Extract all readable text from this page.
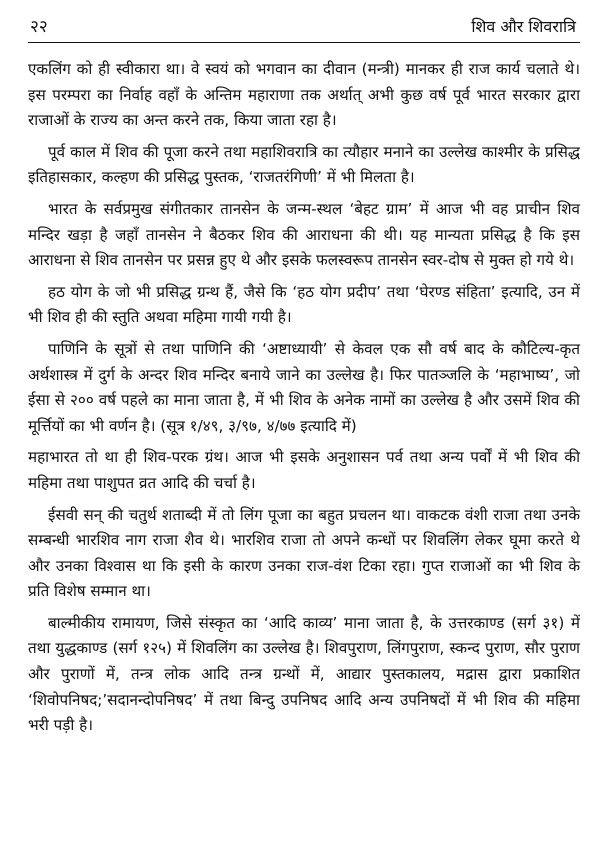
२२	शिव और शिवरात्रि

एकलिंग को ही स्वीकारा था। वे स्वयं को भगवान का दीवान (मन्त्री) मानकर ही राज कार्य चलाते थे। इस परम्परा का निर्वाह वहाँ के अन्तिम महाराणा तक अर्थात् अभी कुछ वर्ष पूर्व भारत सरकार द्वारा राजाओं के राज्य का अन्त करने तक, किया जाता रहा है।

पूर्व काल में शिव की पूजा करने तथा महाशिवरात्रि का त्यौहार मनाने का उल्लेख काश्मीर के प्रसिद्ध इतिहासकार, कल्हण की प्रसिद्ध पुस्तक, ‘राजतरंगिणी’ में भी मिलता है।

भारत के सर्वप्रमुख संगीतकार तानसेन के जन्म-स्थल ‘बेहट ग्राम’ में आज भी वह प्राचीन शिव मन्दिर खड़ा है जहाँ तानसेन ने बैठकर शिव की आराधना की थी। यह मान्यता प्रसिद्ध है कि इस आराधना से शिव तानसेन पर प्रसन्न हुए थे और इसके फलस्वरूप तानसेन स्वर-दोष से मुक्त हो गये थे।

हठ योग के जो भी प्रसिद्ध ग्रन्थ हैं, जैसे कि ‘हठ योग प्रदीप’ तथा ‘घेरण्ड संहिता’ इत्यादि, उन में भी शिव ही की स्तुति अथवा महिमा गायी गयी है।

पाणिनि के सूत्रों से तथा पाणिनि की ‘अष्टाध्यायी’ से केवल एक सौ वर्ष बाद के कौटिल्य-कृत अर्थशास्त्र में दुर्ग के अन्दर शिव मन्दिर बनाये जाने का उल्लेख है। फिर पातञ्जलि के ‘महाभाष्य’, जो ईसा से २०० वर्ष पहले का माना जाता है, में भी शिव के अनेक नामों का उल्लेख है और उसमें शिव की मूर्त्तियों का भी वर्णन है। (सूत्र १/४९, ३/९७, ४/७७ इत्यादि में)

महाभारत तो था ही शिव-परक ग्रंथ। आज भी इसके अनुशासन पर्व तथा अन्य पर्वों में भी शिव की महिमा तथा पाशुपत व्रत आदि की चर्चा है।

ईसवी सन् की चतुर्थ शताब्दी में तो लिंग पूजा का बहुत प्रचलन था। वाकटक वंशी राजा तथा उनके सम्बन्धी भारशिव नाग राजा शैव थे। भारशिव राजा तो अपने कन्धों पर शिवलिंग लेकर घूमा करते थे और उनका विश्वास था कि इसी के कारण उनका राज-वंश टिका रहा। गुप्त राजाओं का भी शिव के प्रति विशेष सम्मान था।

बाल्मीकीय रामायण, जिसे संस्कृत का ‘आदि काव्य’ माना जाता है, के उत्तरकाण्ड (सर्ग ३१) में तथा युद्धकाण्ड (सर्ग १२५) में शिवलिंग का उल्लेख है। शिवपुराण, लिंगपुराण, स्कन्द पुराण, सौर पुराण और पुराणों में, तन्त्र लोक आदि तन्त्र ग्रन्थों में, आद्यार पुस्तकालय, मद्रास द्वारा प्रकाशित ‘शिवोपनिषद;’सदानन्दोपनिषद’ में तथा बिन्दु उपनिषद आदि अन्य उपनिषदों में भी शिव की महिमा भरी पड़ी है।
